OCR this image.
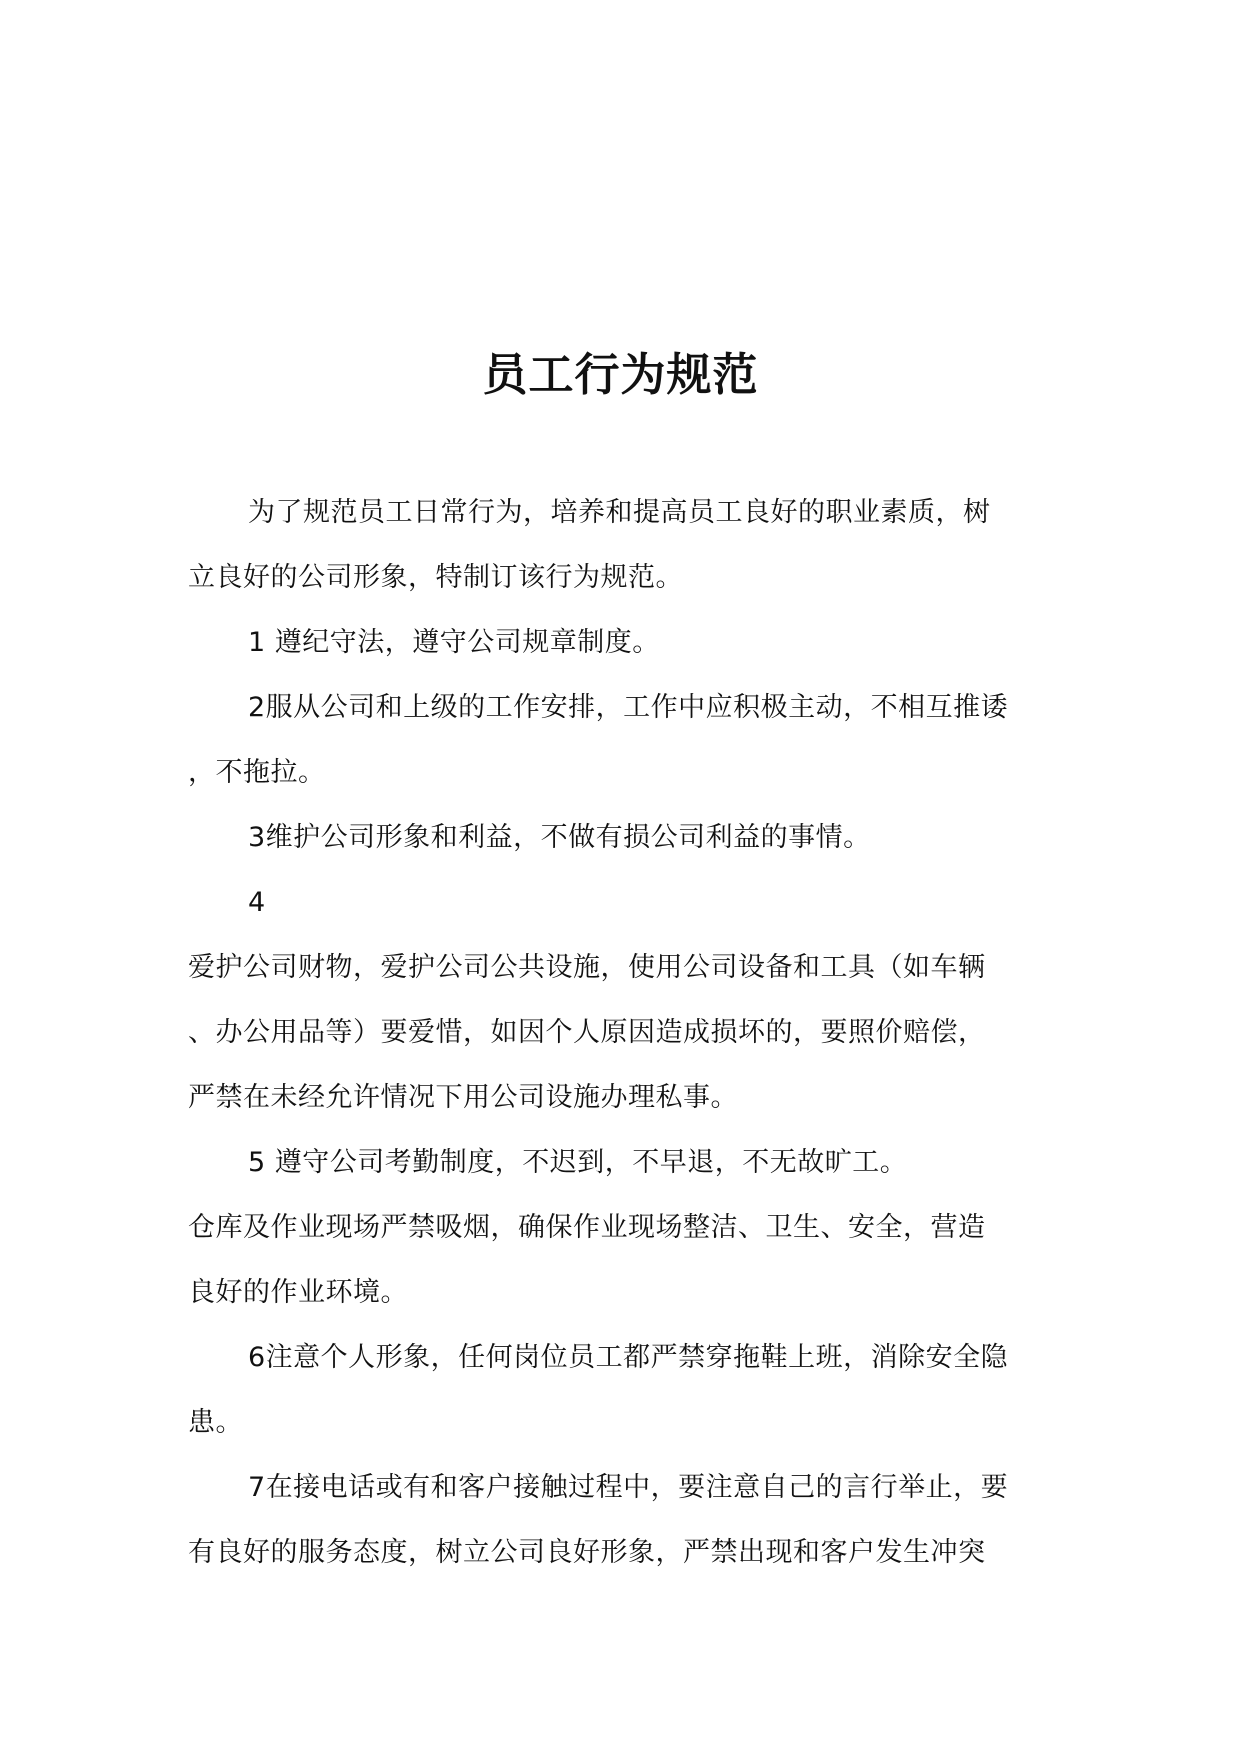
员工行为规范

为了规范员工日常行为，培养和提高员工良好的职业素质，树

立良好的公司形象，特制订该行为规范。

1 遵纪守法，遵守公司规章制度。

2服从公司和上级的工作安排，工作中应积极主动，不相互推诿

，不拖拉。

3维护公司形象和利益，不做有损公司利益的事情。

4

爱护公司财物，爱护公司公共设施，使用公司设备和工具（如车辆

、办公用品等）要爱惜，如因个人原因造成损坏的，要照价赔偿，

严禁在未经允许情况下用公司设施办理私事。

5 遵守公司考勤制度，不迟到，不早退，不无故旷工。

仓库及作业现场严禁吸烟，确保作业现场整洁、卫生、安全，营造

良好的作业环境。

6注意个人形象，任何岗位员工都严禁穿拖鞋上班，消除安全隐

患。

7在接电话或有和客户接触过程中，要注意自己的言行举止，要

有良好的服务态度，树立公司良好形象，严禁出现和客户发生冲突
